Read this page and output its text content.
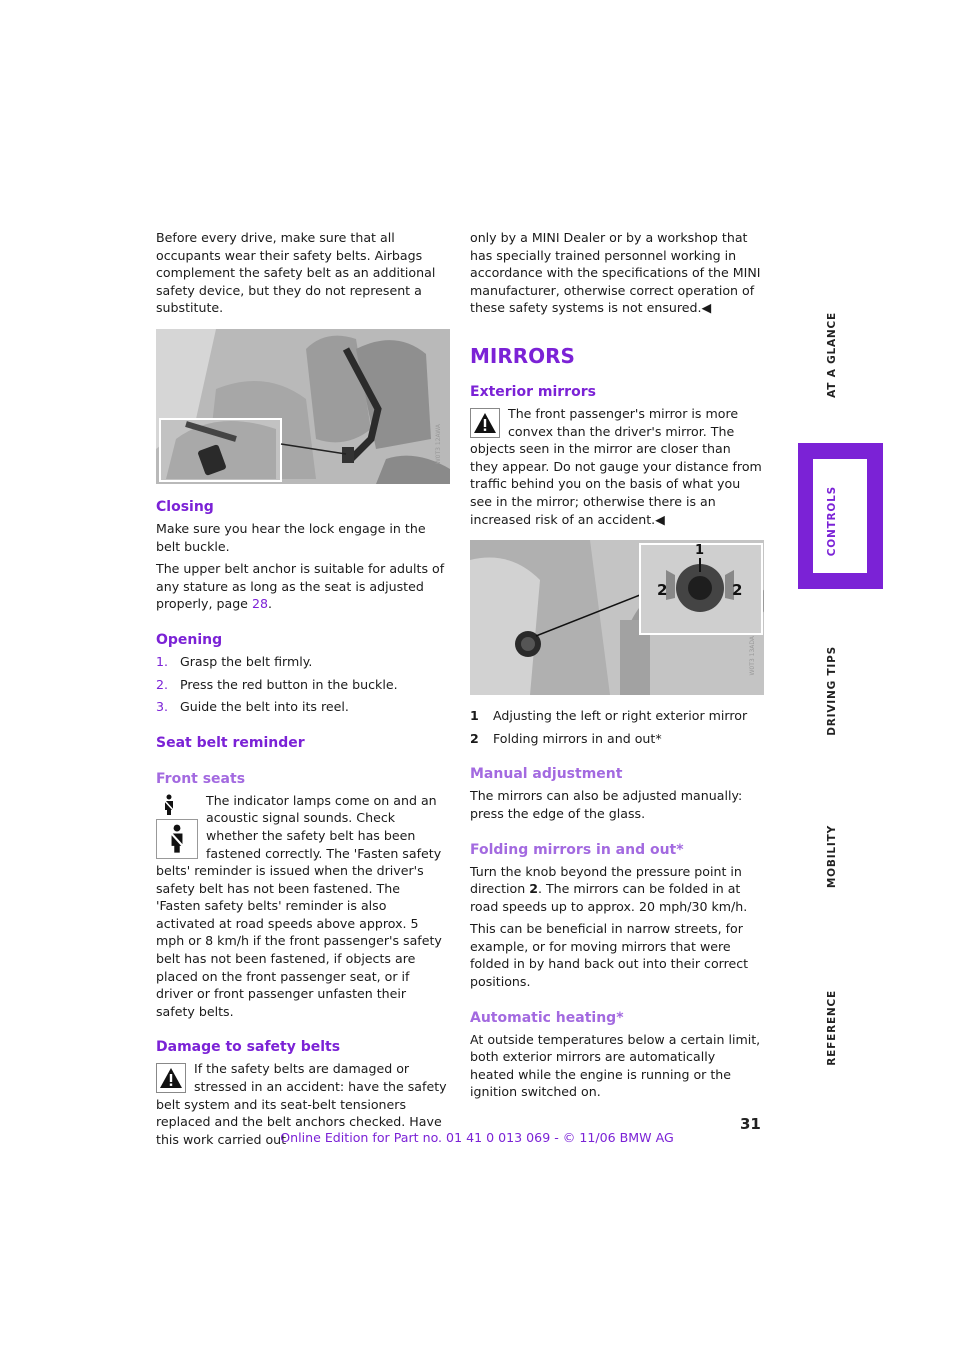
Before every drive, make sure that all occupants wear their safety belts. Airbags complement the safety belt as an additional safety device, but they do not represent a substitute.

W0T3 12AWA
Closing

Make sure you hear the lock engage in the belt buckle.

The upper belt anchor is suitable for adults of any stature as long as the seat is adjusted properly, page 28.

Opening
1. Grasp the belt firmly.
2. Press the red button in the buckle.
3. Guide the belt into its reel.
Seat belt reminder
Front seats

The indicator lamps come on and an acoustic signal sounds. Check whether the safety belt has been fastened correctly. The 'Fasten safety belts' reminder is issued when the driver's safety belt has not been fastened. The 'Fasten safety belts' reminder is also activated at road speeds above approx. 5 mph or 8 km/h if the front passenger's safety belt has not been fastened, if objects are placed on the front passenger seat, or if driver or front passenger unfasten their safety belts.

Damage to safety belts

If the safety belts are damaged or stressed in an accident: have the safety belt system and its seat-belt tensioners replaced and the belt anchors checked. Have this work carried out

only by a MINI Dealer or by a workshop that has specially trained personnel working in accordance with the specifications of the MINI manufacturer, otherwise correct operation of these safety systems is not ensured.◀

MIRRORS
Exterior mirrors

The front passenger's mirror is more convex than the driver's mirror. The objects seen in the mirror are closer than they appear. Do not gauge your distance from traffic behind you on the basis of what you see in the mirror; otherwise there is an increased risk of an accident.◀

1
2	2
W0T3 13ADA
1	Adjusting the left or right exterior mirror
2	Folding mirrors in and out*
Manual adjustment

The mirrors can also be adjusted manually: press the edge of the glass.

Folding mirrors in and out*

Turn the knob beyond the pressure point in direction 2. The mirrors can be folded in at road speeds up to approx. 20 mph/30 km/h.

This can be beneficial in narrow streets, for example, or for moving mirrors that were folded in by hand back out into their correct positions.

Automatic heating*

At outside temperatures below a certain limit, both exterior mirrors are automatically heated while the engine is running or the ignition switched on.

AT A GLANCE
CONTROLS
DRIVING TIPS
MOBILITY
REFERENCE
31
Online Edition for Part no. 01 41 0 013 069 - © 11/06 BMW AG
